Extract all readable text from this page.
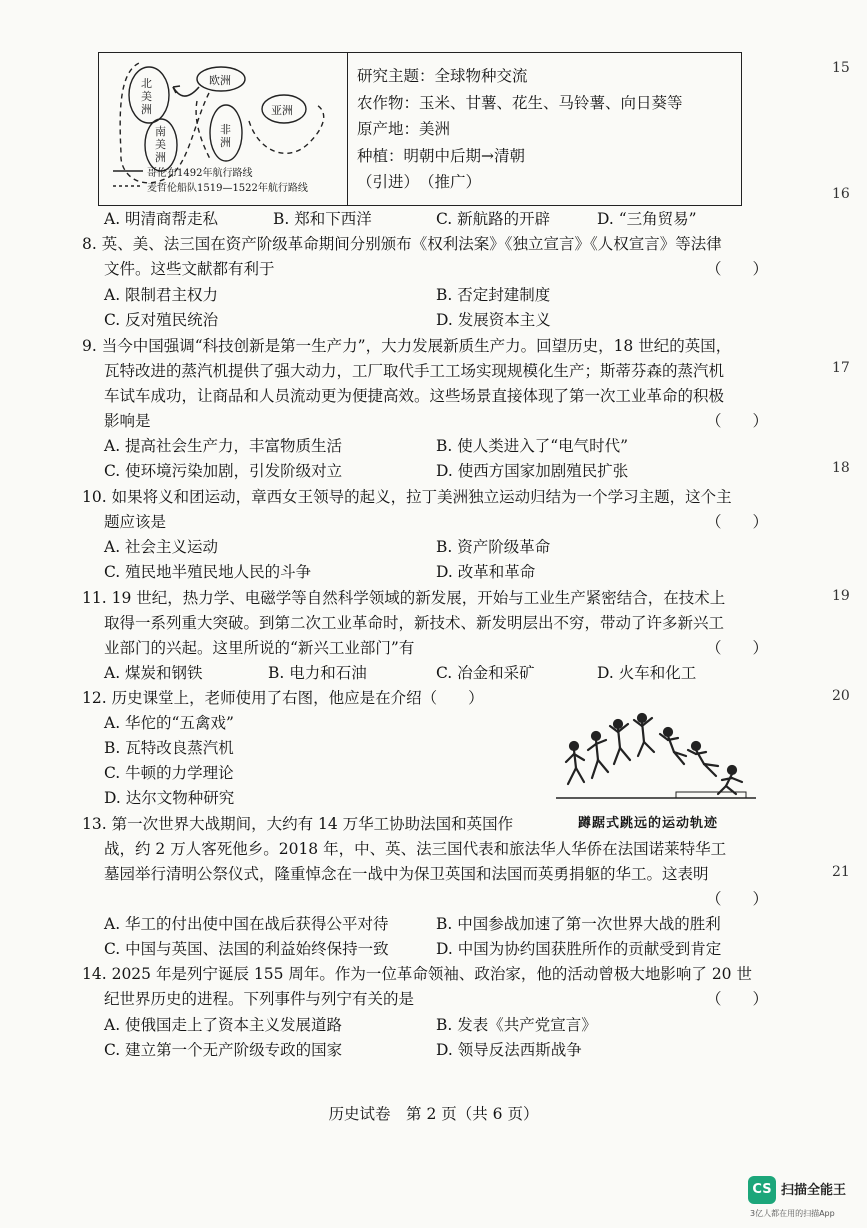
北美洲
南美洲
欧洲
非洲
亚洲
哥伦布1492年航行路线
麦哲伦船队1519—1522年航行路线
研究主题：全球物种交流
农作物：玉米、甘薯、花生、马铃薯、向日葵等
原产地：美洲
种植：明朝中后期→清朝
（引进）　（推广）
A. 明清商帮走私	B. 郑和下西洋	C. 新航路的开辟	D. “三角贸易”
8. 英、美、法三国在资产阶级革命期间分别颁布《权利法案》《独立宣言》《人权宣言》等法律
文件。这些文献都有利于	（　　）
A. 限制君主权力	B. 否定封建制度
C. 反对殖民统治	D. 发展资本主义
9. 当今中国强调“科技创新是第一生产力”，大力发展新质生产力。回望历史，18 世纪的英国，
瓦特改进的蒸汽机提供了强大动力，工厂取代手工工场实现规模化生产；斯蒂芬森的蒸汽机
车试车成功，让商品和人员流动更为便捷高效。这些场景直接体现了第一次工业革命的积极
影响是	（　　）
A. 提高社会生产力，丰富物质生活	B. 使人类进入了“电气时代”
C. 使环境污染加剧，引发阶级对立	D. 使西方国家加剧殖民扩张
10. 如果将义和团运动，章西女王领导的起义，拉丁美洲独立运动归结为一个学习主题，这个主
题应该是	（　　）
A. 社会主义运动	B. 资产阶级革命
C. 殖民地半殖民地人民的斗争	D. 改革和革命
11. 19 世纪，热力学、电磁学等自然科学领域的新发展，开始与工业生产紧密结合，在技术上
取得一系列重大突破。到第二次工业革命时，新技术、新发明层出不穷，带动了许多新兴工
业部门的兴起。这里所说的“新兴工业部门”有	（　　）
A. 煤炭和钢铁	B. 电力和石油	C. 冶金和采矿	D. 火车和化工
12. 历史课堂上，老师使用了右图，他应是在介绍（　　）
A. 华佗的“五禽戏”
B. 瓦特改良蒸汽机
C. 牛顿的力学理论
D. 达尔文物种研究
蹲踞式跳远的运动轨迹
13. 第一次世界大战期间，大约有 14 万华工协助法国和英国作
战，约 2 万人客死他乡。2018 年，中、英、法三国代表和旅法华人华侨在法国诺莱特华工
墓园举行清明公祭仪式，隆重悼念在一战中为保卫英国和法国而英勇捐躯的华工。这表明
（　　）
A. 华工的付出使中国在战后获得公平对待	B. 中国参战加速了第一次世界大战的胜利
C. 中国与英国、法国的利益始终保持一致	D. 中国为协约国获胜所作的贡献受到肯定
14. 2025 年是列宁诞辰 155 周年。作为一位革命领袖、政治家，他的活动曾极大地影响了 20 世
纪世界历史的进程。下列事件与列宁有关的是	（　　）
A. 使俄国走上了资本主义发展道路	B. 发表《共产党宣言》
C. 建立第一个无产阶级专政的国家	D. 领导反法西斯战争
15
16
17
18
19
20
21
历史试卷　第 2 页（共 6 页）
CS 扫描全能王
3亿人都在用的扫描App
